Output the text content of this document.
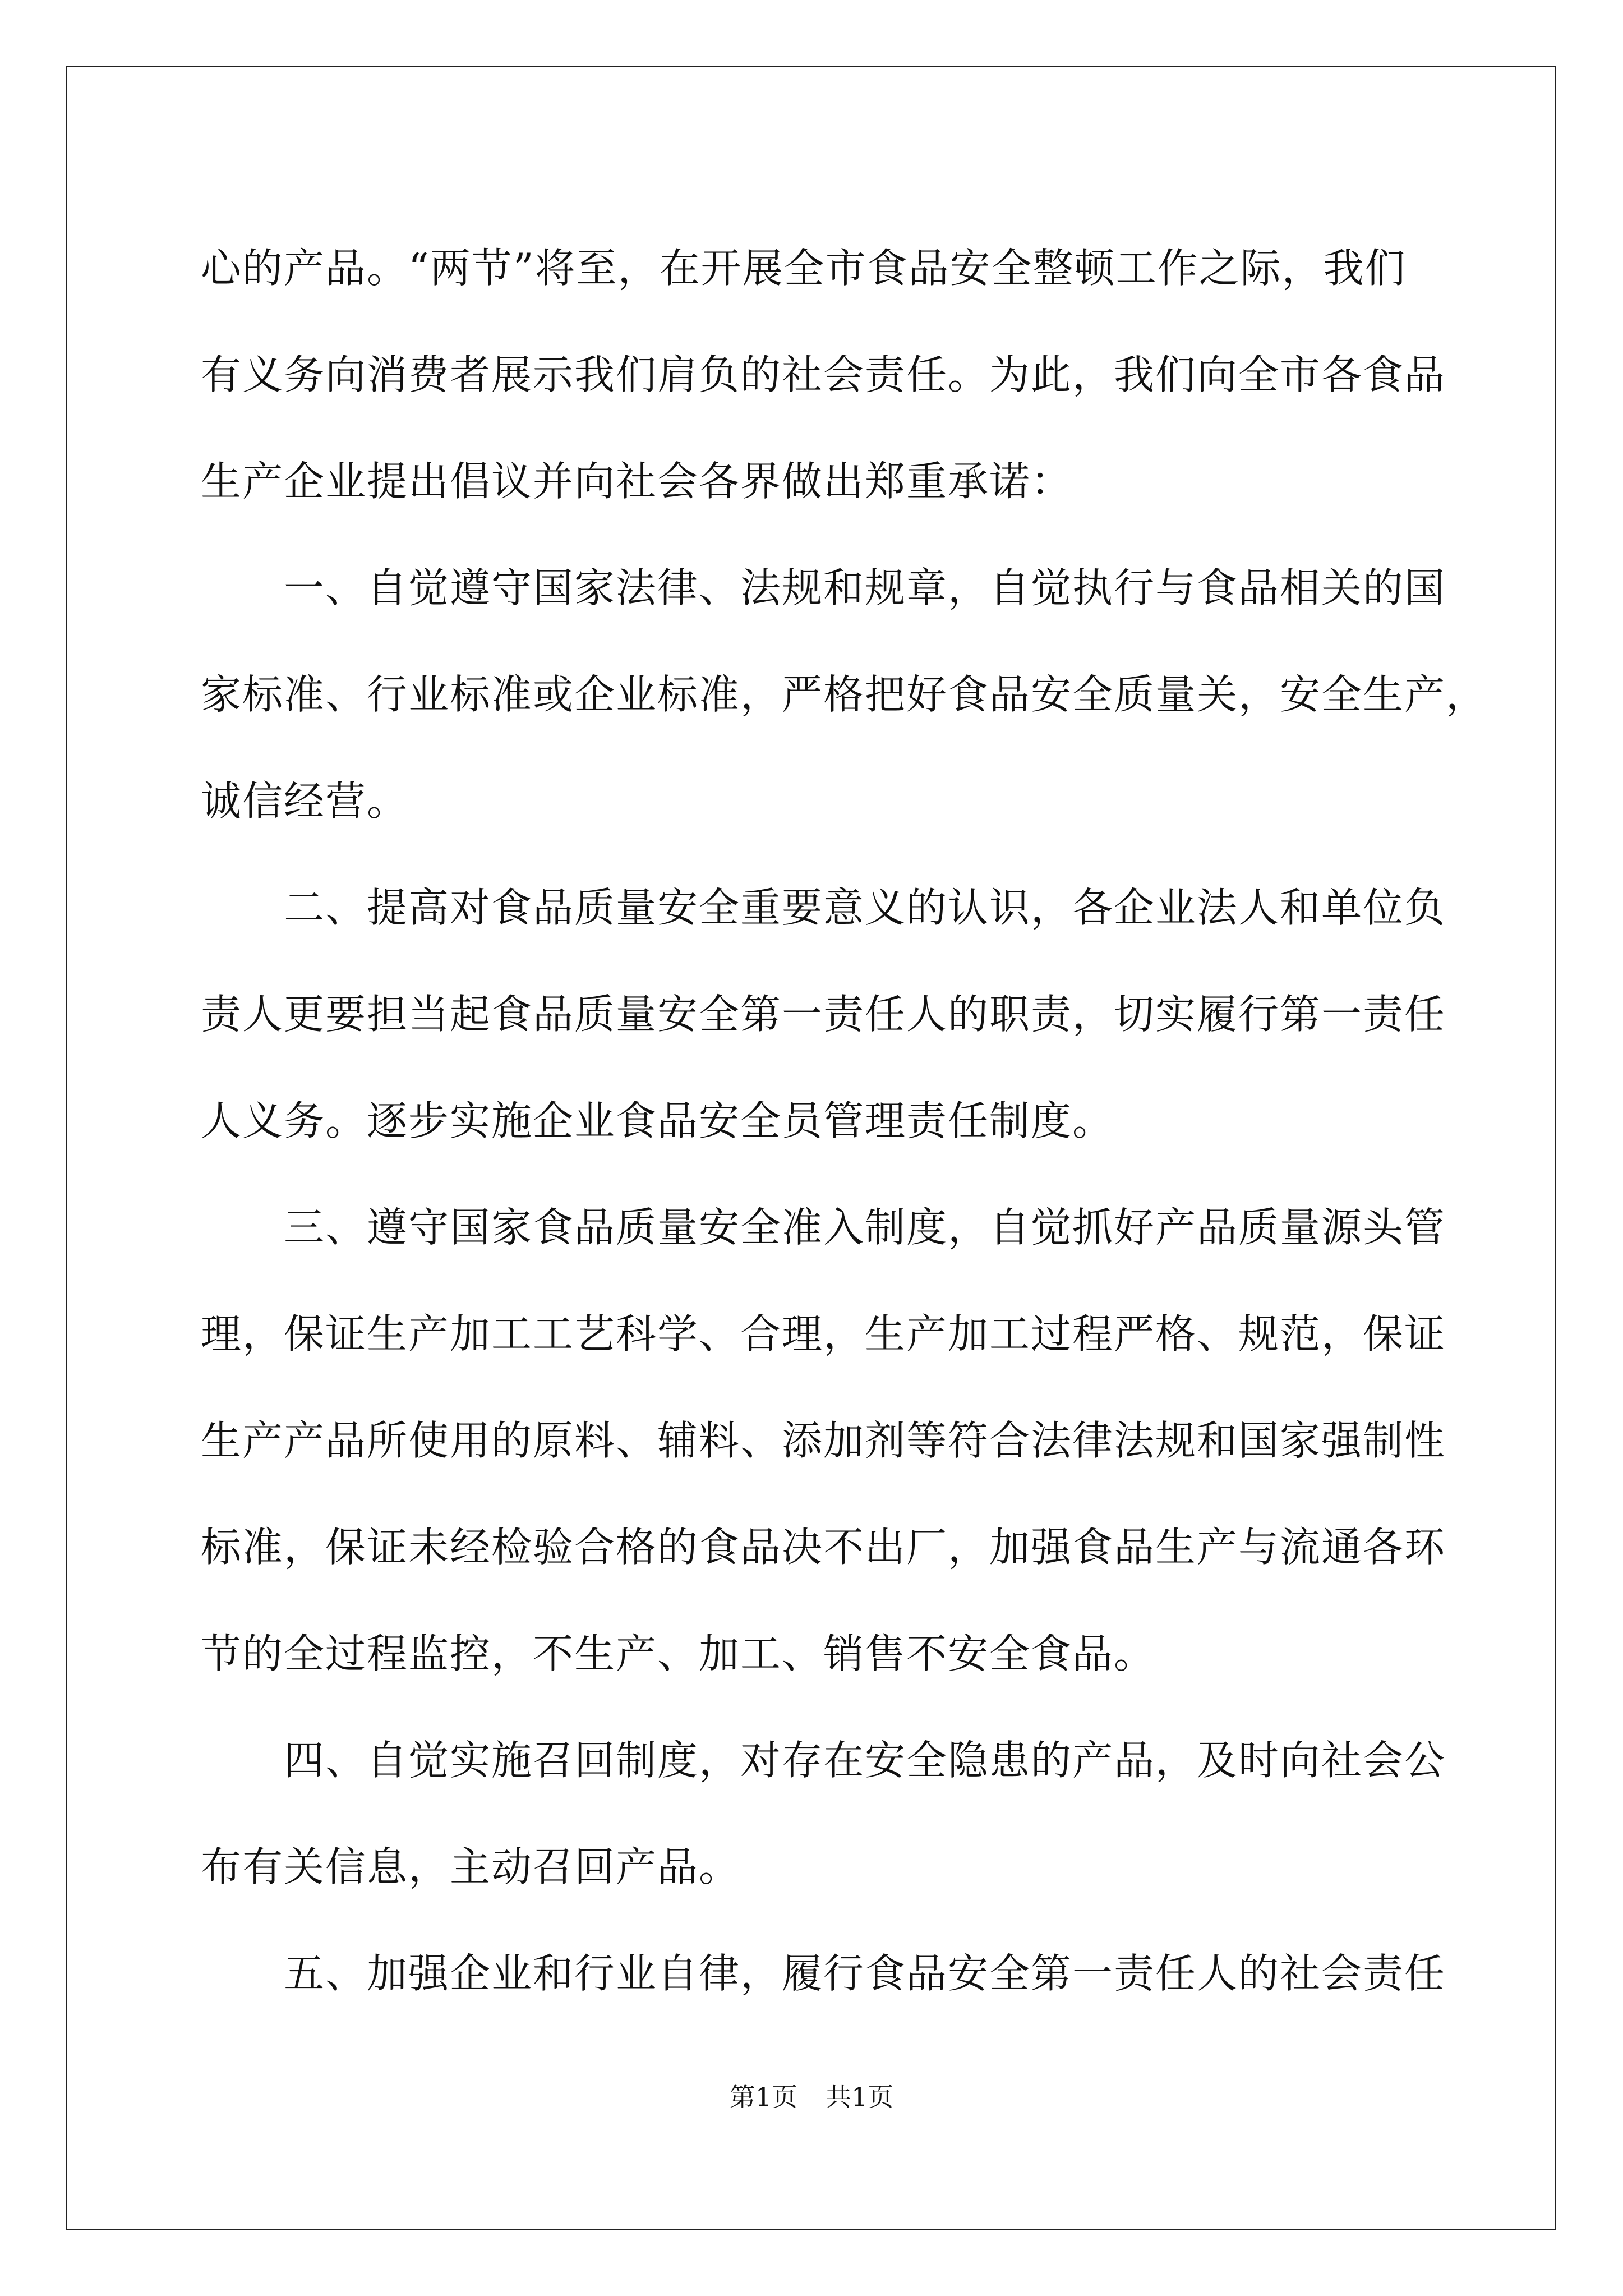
心的产品。“两节”将至，在开展全市食品安全整顿工作之际，我们
有义务向消费者展示我们肩负的社会责任。为此，我们向全市各食品
生产企业提出倡议并向社会各界做出郑重承诺：
　　一、自觉遵守国家法律、法规和规章，自觉执行与食品相关的国
家标准、行业标准或企业标准，严格把好食品安全质量关，安全生产，
诚信经营。
　　二、提高对食品质量安全重要意义的认识，各企业法人和单位负
责人更要担当起食品质量安全第一责任人的职责，切实履行第一责任
人义务。逐步实施企业食品安全员管理责任制度。
　　三、遵守国家食品质量安全准入制度，自觉抓好产品质量源头管
理，保证生产加工工艺科学、合理，生产加工过程严格、规范，保证
生产产品所使用的原料、辅料、添加剂等符合法律法规和国家强制性
标准，保证未经检验合格的食品决不出厂，加强食品生产与流通各环
节的全过程监控，不生产、加工、销售不安全食品。
　　四、自觉实施召回制度，对存在安全隐患的产品，及时向社会公
布有关信息，主动召回产品。
　　五、加强企业和行业自律，履行食品安全第一责任人的社会责任
第1页 共1页
